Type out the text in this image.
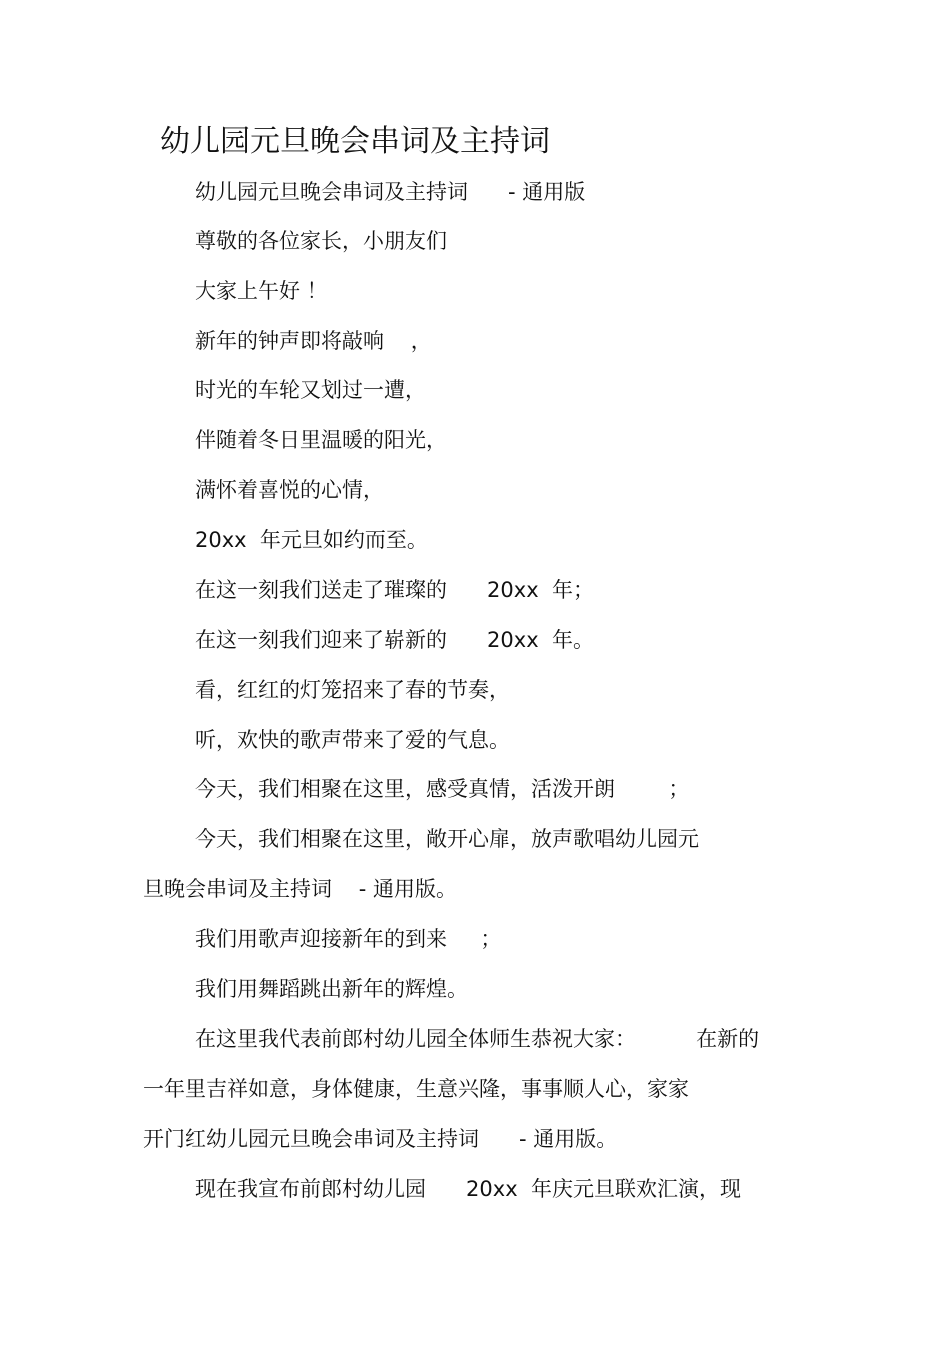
幼儿园元旦晚会串词及主持词
幼儿园元旦晚会串词及主持词      - 通用版
尊敬的各位家长，小朋友们
大家上午好 ！
新年的钟声即将敲响    ，
时光的车轮又划过一遭，
伴随着冬日里温暖的阳光，
满怀着喜悦的心情，
20xx  年元旦如约而至。
在这一刻我们送走了璀璨的      20xx  年；
在这一刻我们迎来了崭新的      20xx  年。
看，红红的灯笼招来了春的节奏，
听，欢快的歌声带来了爱的气息。
今天，我们相聚在这里，感受真情，活泼开朗        ；
今天，我们相聚在这里，敞开心扉，放声歌唱幼儿园元
旦晚会串词及主持词    - 通用版。
我们用歌声迎接新年的到来     ；
我们用舞蹈跳出新年的辉煌。
在这里我代表前郎村幼儿园全体师生恭祝大家：         在新的
一年里吉祥如意，身体健康，生意兴隆，事事顺人心，家家
开门红幼儿园元旦晚会串词及主持词      - 通用版。
现在我宣布前郎村幼儿园      20xx  年庆元旦联欢汇演，现
